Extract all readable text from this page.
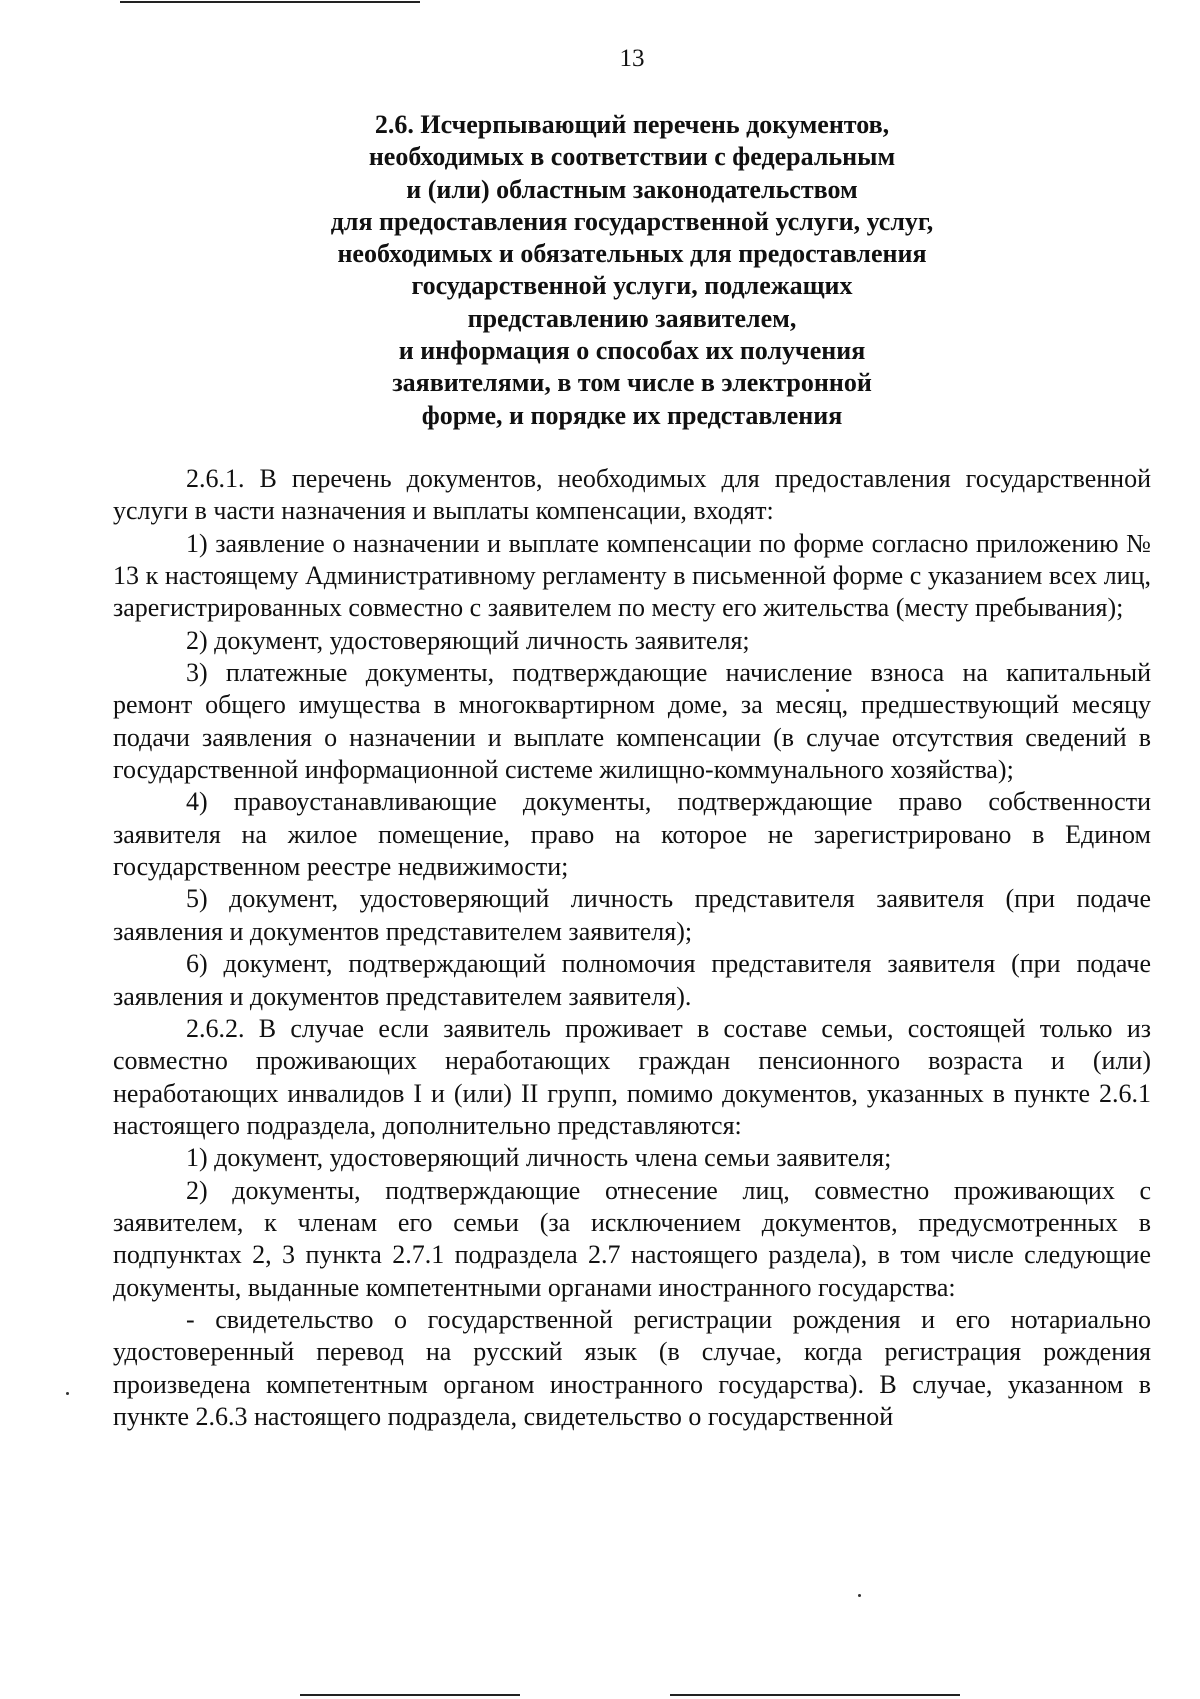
13
2.6. Исчерпывающий перечень документов,
необходимых в соответствии с федеральным
и (или) областным законодательством
для предоставления государственной услуги, услуг,
необходимых и обязательных для предоставления
государственной услуги, подлежащих
представлению заявителем,
и информация о способах их получения
заявителями, в том числе в электронной
форме, и порядке их представления

2.6.1. В перечень документов, необходимых для предоставления государственной услуги в части назначения и выплаты компенсации, входят:

1) заявление о назначении и выплате компенсации по форме согласно приложению № 13 к настоящему Административному регламенту в письменной форме с указанием всех лиц, зарегистрированных совместно с заявителем по месту его жительства (месту пребывания);

2) документ, удостоверяющий личность заявителя;

3) платежные документы, подтверждающие начисление взноса на капитальный ремонт общего имущества в многоквартирном доме, за месяц, предшествующий месяцу подачи заявления о назначении и выплате компенсации (в случае отсутствия сведений в государственной информационной системе жилищно-коммунального хозяйства);

4) правоустанавливающие документы, подтверждающие право собственности заявителя на жилое помещение, право на которое не зарегистрировано в Едином государственном реестре недвижимости;

5) документ, удостоверяющий личность представителя заявителя (при подаче заявления и документов представителем заявителя);

6) документ, подтверждающий полномочия представителя заявителя (при подаче заявления и документов представителем заявителя).

2.6.2. В случае если заявитель проживает в составе семьи, состоящей только из совместно проживающих неработающих граждан пенсионного возраста и (или) неработающих инвалидов I и (или) II групп, помимо документов, указанных в пункте 2.6.1 настоящего подраздела, дополнительно представляются:

1) документ, удостоверяющий личность члена семьи заявителя;

2) документы, подтверждающие отнесение лиц, совместно проживающих с заявителем, к членам его семьи (за исключением документов, предусмотренных в подпунктах 2, 3 пункта 2.7.1 подраздела 2.7 настоящего раздела), в том числе следующие документы, выданные компетентными органами иностранного государства:

- свидетельство о государственной регистрации рождения и его нотариально удостоверенный перевод на русский язык (в случае, когда регистрация рождения произведена компетентным органом иностранного государства). В случае, указанном в пункте 2.6.3 настоящего подраздела, свидетельство о государственной
